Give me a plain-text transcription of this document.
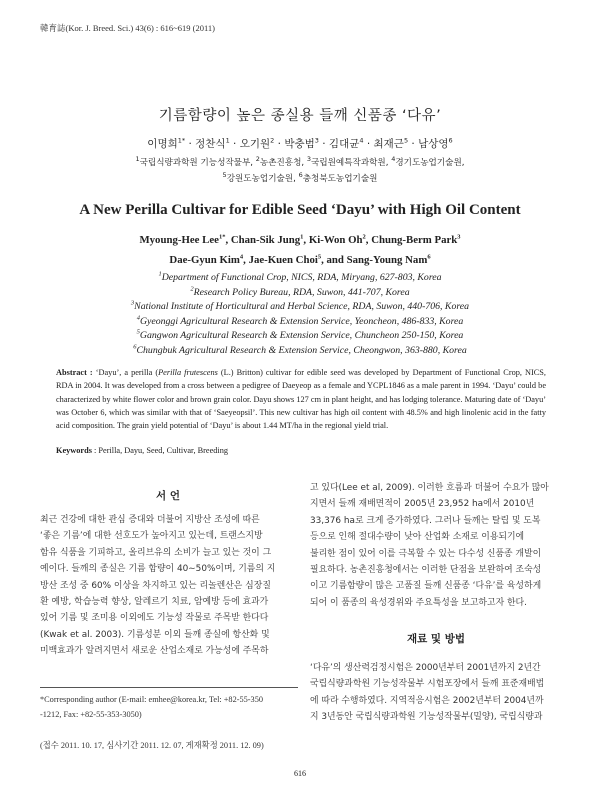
韓育誌(Kor. J. Breed. Sci.) 43(6) : 616~619 (2011)
기름함량이 높은 종실용 들깨 신품종 ‘다유’
이명희$^{1*}$ · 정찬식$^1$ · 오기원$^2$ · 박충범$^3$ · 김대균$^4$ · 최재근$^5$ · 남상영$^6$
$^1$국립식량과학원 기능성작물부, $^2$농촌진흥청, $^3$국립원예특작과학원, $^4$경기도농업기술원,
$^5$강원도농업기술원, $^6$충청북도농업기술원
A New Perilla Cultivar for Edible Seed ‘Dayu’ with High Oil Content
Myoung-Hee Lee$^{1*}$, Chan-Sik Jung$^1$, Ki-Won Oh$^2$, Chung-Berm Park$^3$
Dae-Gyun Kim$^4$, Jae-Kuen Choi$^5$, and Sang-Young Nam$^6$
$^1$Department of Functional Crop, NICS, RDA, Miryang, 627-803, Korea
$^2$Research Policy Bureau, RDA, Suwon, 441-707, Korea
$^3$National Institute of Horticultural and Herbal Science, RDA, Suwon, 440-706, Korea
$^4$Gyeonggi Agricultural Research & Extension Service, Yeoncheon, 486-833, Korea
$^5$Gangwon Agricultural Research & Extension Service, Chuncheon 250-150, Korea
$^6$Chungbuk Agricultural Research & Extension Service, Cheongwon, 363-880, Korea
Abstract : ‘Dayu’, a perilla (Perilla frutescens (L.) Britton) cultivar for edible seed was developed by Department of Functional Crop, NICS, RDA in 2004. It was developed from a cross between a pedigree of Daeyeop as a female and YCPL1846 as a male parent in 1994. ‘Dayu’ could be characterized by white flower color and brown grain color. Dayu shows 127 cm in plant height, and has lodging tolerance. Maturing date of ‘Dayu’ was October 6, which was similar with that of ‘Saeyeopsil’. This new cultivar has high oil content with 48.5% and high linolenic acid in the fatty acid composition. The grain yield potential of ‘Dayu’ is about 1.44 MT/ha in the regional yield trial.
Keywords : Perilla, Dayu, Seed, Cultivar, Breeding
서 언
최근 건강에 대한 관심 증대와 더불어 지방산 조성에 따른
‘좋은 기름’에 대한 선호도가 높아지고 있는데, 트랜스지방
함유 식품을 기피하고, 올리브유의 소비가 늘고 있는 것이 그
예이다. 들깨의 종실은 기름 함량이 40∼50%이며, 기름의 지
방산 조성 중 60% 이상을 차지하고 있는 리놀렌산은 심장질
환 예방, 학습능력 향상, 알레르기 치료, 암예방 등에 효과가
있어 기름 및 조미용 이외에도 기능성 작물로 주목받 한다다
(Kwak et al. 2003). 기름성분 이외 들깨 종실에 항산화 및
미백효과가 알려지면서 새로운 산업소재로 가능성에 주목하
고 있다(Lee et al, 2009). 이러한 흐름과 더불어 수요가 많아
지면서 들깨 재배면적이 2005년 23,952 ha에서 2010년
33,376 ha로 크게 증가하였다. 그러나 들깨는 탈립 및 도복
등으로 인해 절대수량이 낮아 산업화 소재로 이용되기에
불리한 점이 있어 이를 극복할 수 있는 다수성 신품종 개발이
필요하다. 농촌진흥청에서는 이러한 단점을 보완하여 조숙성
이고 기름함량이 많은 고품질 들깨 신품종 ‘다유’를 육성하게
되어 이 품종의 육성경위와 주요특성을 보고하고자 한다.
재료 및 방법
‘다유’의 생산력검정시험은 2000년부터 2001년까지 2년간
국립식량과학원 기능성작물부 시험포장에서 들깨 표준재배법
에 따라 수행하였다. 지역적응시험은 2002년부터 2004년까
지 3년동안 국립식량과학원 기능성작물부(밀양), 국립식량과
*Corresponding author (E-mail: emhee@korea.kr, Tel: +82-55-350
-1212, Fax: +82-55-353-3050)
(접수 2011. 10. 17, 심사기간 2011. 12. 07, 게재확정 2011. 12. 09)
616
